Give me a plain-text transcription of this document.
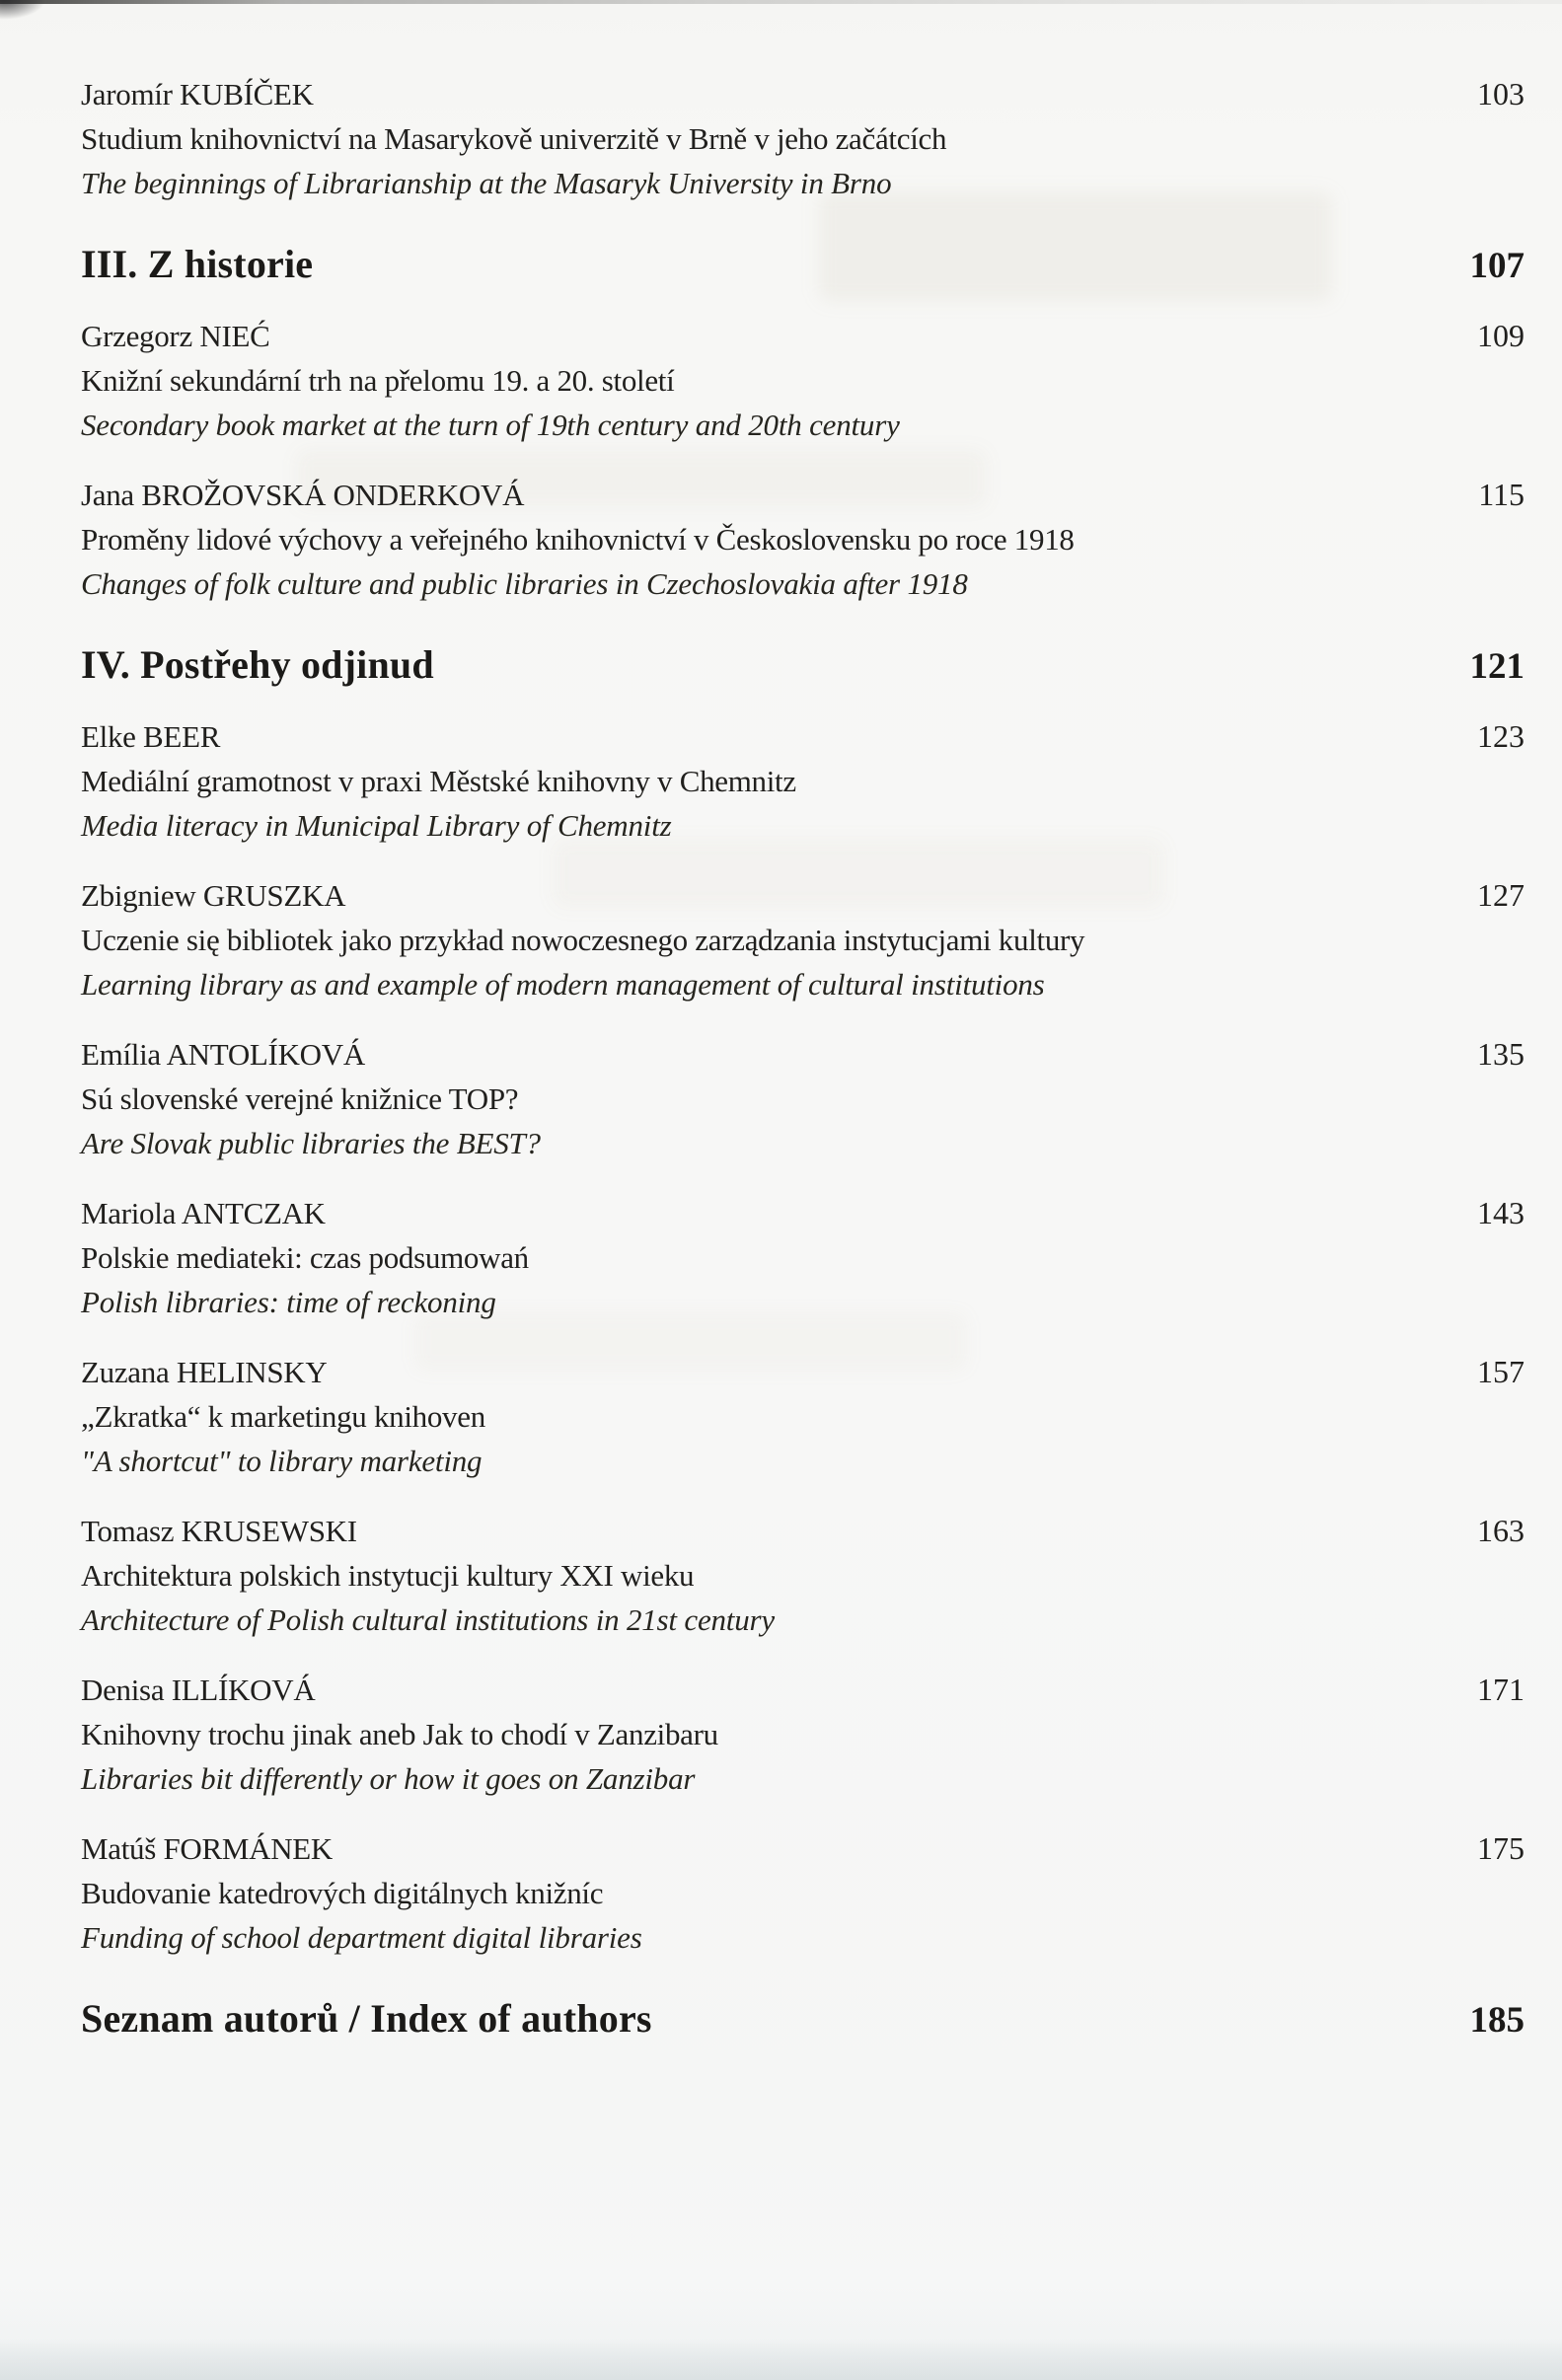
Jaromír KUBÍČEK	103
Studium knihovnictví na Masarykově univerzitě v Brně v jeho začátcích
The beginnings of Librarianship at the Masaryk University in Brno
III. Z historie	107
Grzegorz NIEĆ	109
Knižní sekundární trh na přelomu 19. a 20. století
Secondary book market at the turn of 19th century and 20th century
Jana BROŽOVSKÁ ONDERKOVÁ	115
Proměny lidové výchovy a veřejného knihovnictví v Československu po roce 1918
Changes of folk culture and public libraries in Czechoslovakia after 1918
IV. Postřehy odjinud	121
Elke BEER	123
Mediální gramotnost v praxi Městské knihovny v Chemnitz
Media literacy in Municipal Library of Chemnitz
Zbigniew GRUSZKA	127
Uczenie się bibliotek jako przykład nowoczesnego zarządzania instytucjami kultury
Learning library as and example of modern management of cultural institutions
Emília ANTOLÍKOVÁ	135
Sú slovenské verejné knižnice TOP?
Are Slovak public libraries the BEST?
Mariola ANTCZAK	143
Polskie mediateki: czas podsumowań
Polish libraries: time of reckoning
Zuzana HELINSKY	157
„Zkratka“ k marketingu knihoven
"A shortcut" to library marketing
Tomasz KRUSEWSKI	163
Architektura polskich instytucji kultury XXI wieku
Architecture of Polish cultural institutions in 21st century
Denisa ILLÍKOVÁ	171
Knihovny trochu jinak aneb Jak to chodí v Zanzibaru
Libraries bit differently or how it goes on Zanzibar
Matúš FORMÁNEK	175
Budovanie katedrových digitálnych knižníc
Funding of school department digital libraries
Seznam autorů / Index of authors	185
